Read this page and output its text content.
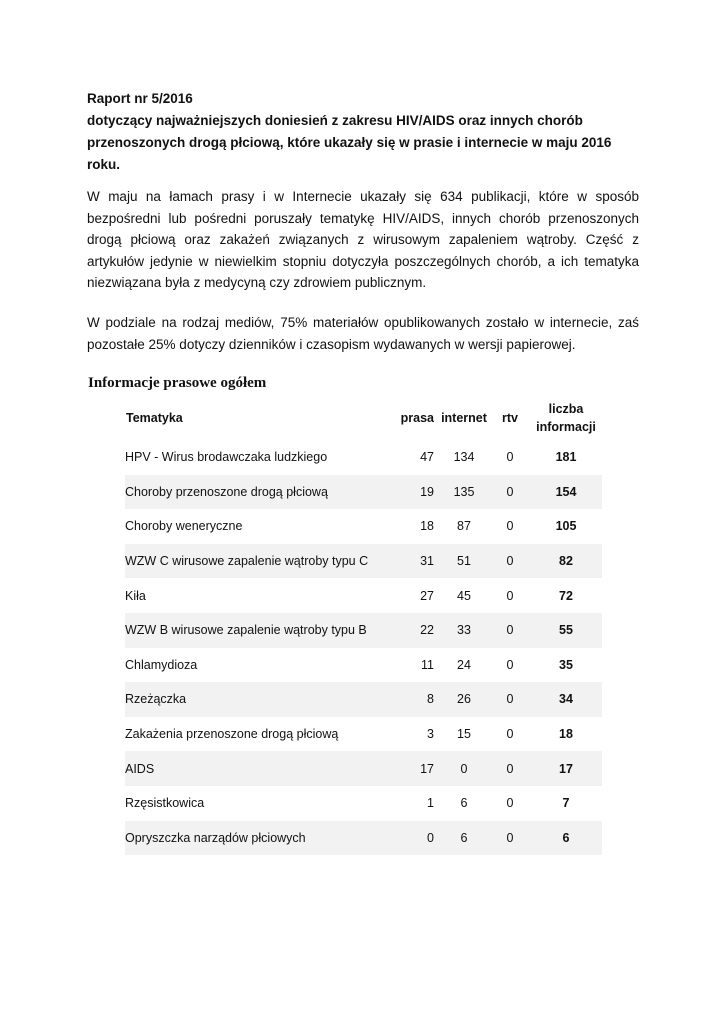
Raport nr 5/2016
dotyczący najważniejszych doniesień z zakresu HIV/AIDS oraz innych chorób przenoszonych drogą płciową, które ukazały się w prasie i internecie w maju 2016 roku.
W maju na łamach prasy i w Internecie ukazały się 634 publikacji, które w sposób bezpośredni lub pośredni poruszały tematykę HIV/AIDS, innych chorób przenoszonych drogą płciową oraz zakażeń związanych z wirusowym zapaleniem wątroby. Część z artykułów jedynie w niewielkim stopniu dotyczyła poszczególnych chorób, a ich tematyka niezwiązana była z medycyną czy zdrowiem publicznym.
W podziale na rodzaj mediów, 75% materiałów opublikowanych zostało w internecie, zaś pozostałe 25% dotyczy dzienników i czasopism wydawanych w wersji papierowej.
Informacje prasowe ogółem
Tematyka	prasa	internet	rtv	liczba
informacji

HPV - Wirus brodawczaka ludzkiego	47	134	0	181
Choroby przenoszone drogą płciową	19	135	0	154
Choroby weneryczne	18	87	0	105
WZW C wirusowe zapalenie wątroby typu C	31	51	0	82
Kiła	27	45	0	72
WZW B wirusowe zapalenie wątroby typu B	22	33	0	55
Chlamydioza	11	24	0	35
Rzeżączka	8	26	0	34
Zakażenia przenoszone drogą płciową	3	15	0	18
AIDS	17	0	0	17
Rzęsistkowica	1	6	0	7
Opryszczka narządów płciowych	0	6	0	6
